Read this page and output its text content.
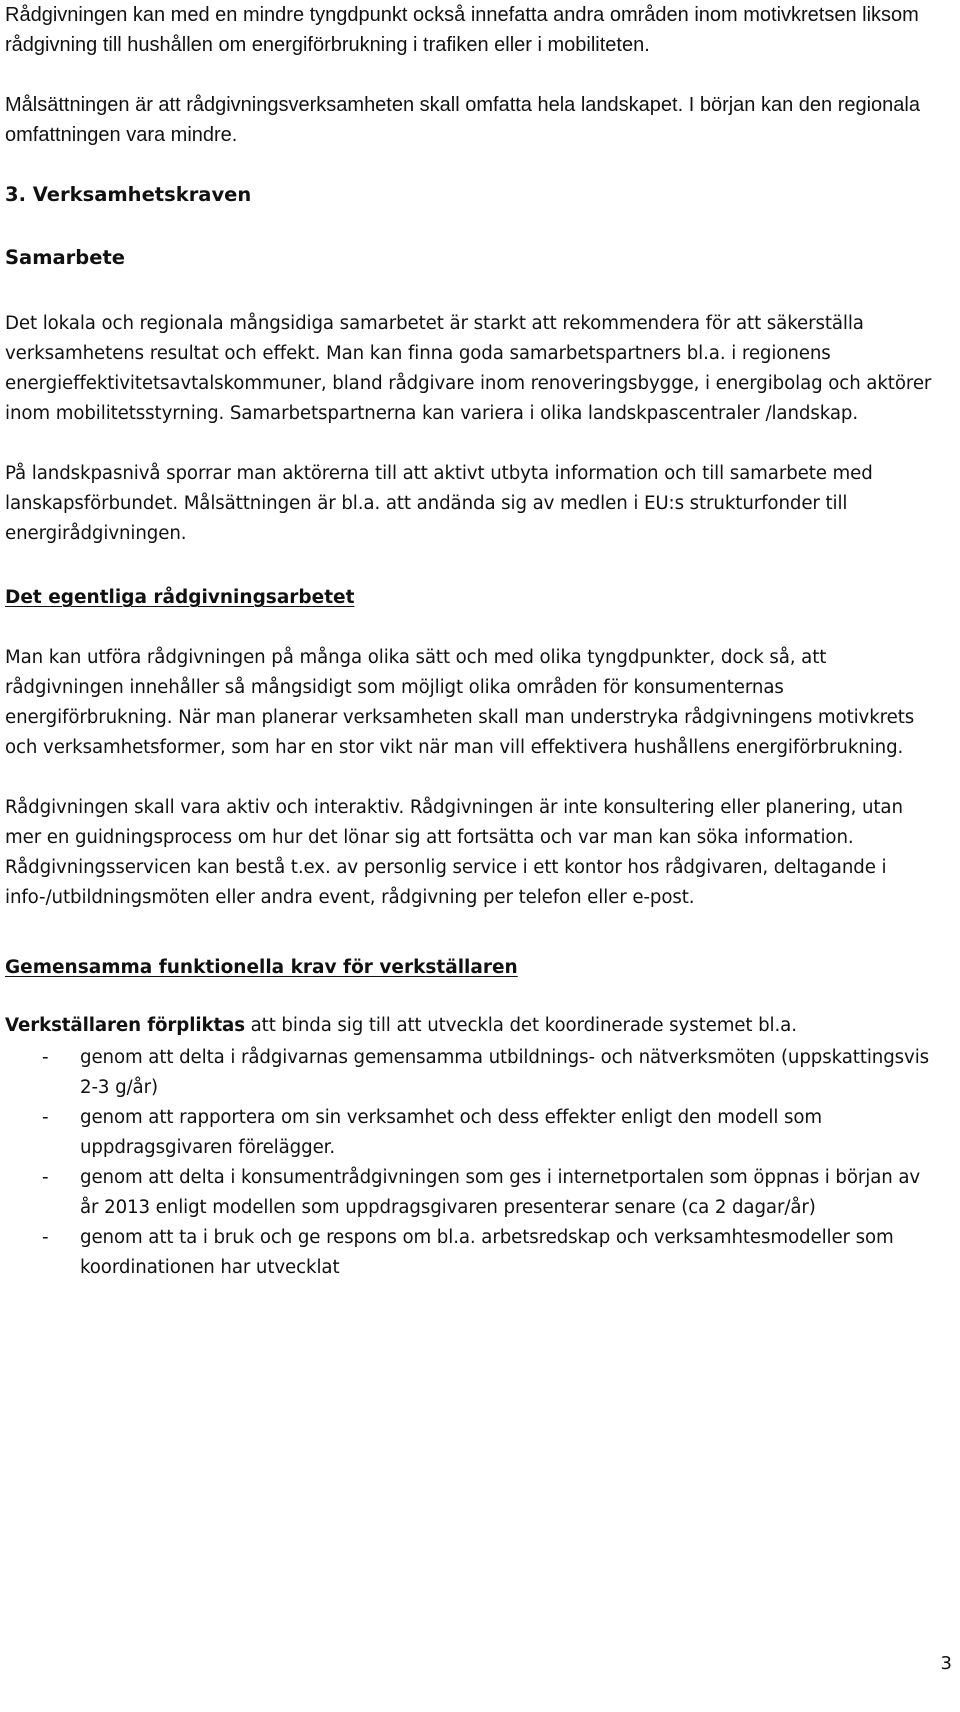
Rådgivningen kan med en mindre tyngdpunkt också innefatta andra områden inom motivkretsen liksom rådgivning till hushållen om energiförbrukning i trafiken eller i mobiliteten.

Målsättningen är att rådgivningsverksamheten skall omfatta hela landskapet. I början kan den regionala omfattningen vara mindre.

3. Verksamhetskraven
Samarbete

Det lokala och regionala mångsidiga samarbetet är starkt att rekommendera för att säkerställa verksamhetens resultat och effekt. Man kan finna goda samarbetspartners bl.a. i regionens energieffektivitetsavtalskommuner, bland rådgivare inom renoveringsbygge, i energibolag och aktörer inom mobilitetsstyrning. Samarbetspartnerna kan variera i olika landskpascentraler /landskap.

På landskpasnivå sporrar man aktörerna till att aktivt utbyta information och till samarbete med lanskapsförbundet. Målsättningen är bl.a. att andända sig av medlen i EU:s strukturfonder till energirådgivningen.

Det egentliga rådgivningsarbetet

Man kan utföra rådgivningen på många olika sätt och med olika tyngdpunkter, dock så, att rådgivningen innehåller så mångsidigt som möjligt olika områden för konsumenternas energiförbrukning. När man planerar verksamheten skall man understryka rådgivningens motivkrets och verksamhetsformer, som har en stor vikt när man vill effektivera hushållens energiförbrukning.

Rådgivningen skall vara aktiv och interaktiv. Rådgivningen är inte konsultering eller planering, utan mer en guidningsprocess om hur det lönar sig att fortsätta och var man kan söka information. Rådgivningsservicen kan bestå t.ex. av personlig service i ett kontor hos rådgivaren, deltagande i info-/utbildningsmöten eller andra event, rådgivning per telefon eller e-post.

Gemensamma funktionella krav för verkställaren

Verkställaren förpliktas att binda sig till att utveckla det koordinerade systemet bl.a.

-	genom att delta i rådgivarnas gemensamma utbildnings- och nätverksmöten (uppskattingsvis 2-3 g/år)
-	genom att rapportera om sin verksamhet och dess effekter enligt den modell som uppdragsgivaren förelägger.
-	genom att delta i konsumentrådgivningen som ges i internetportalen som öppnas i början av år 2013 enligt modellen som uppdragsgivaren presenterar senare (ca 2 dagar/år)
-	genom att ta i bruk och ge respons om bl.a. arbetsredskap och verksamhtesmodeller som koordinationen har utvecklat
3
